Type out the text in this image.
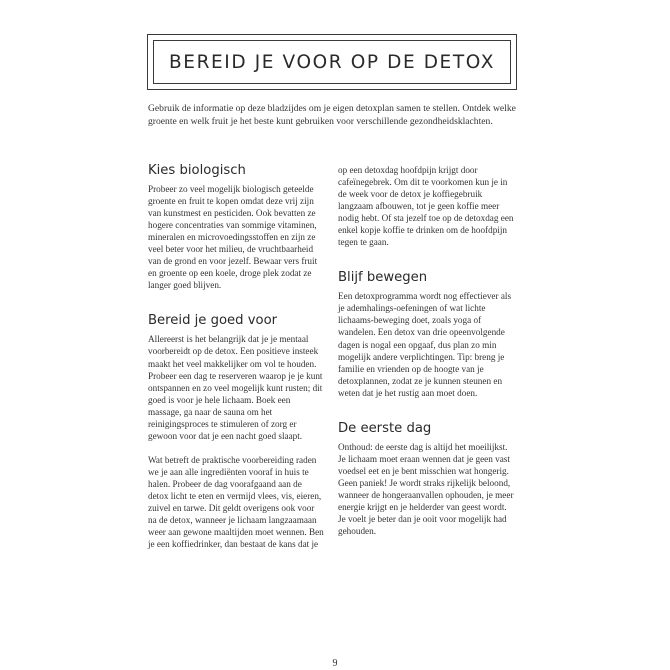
BEREID JE VOOR OP DE DETOX

Gebruik de informatie op deze bladzijdes om je eigen detoxplan samen te stellen. Ontdek welke groente en welk fruit je het beste kunt gebruiken voor verschillende gezondheidsklachten.

Kies biologisch

Probeer zo veel mogelijk biologisch geteelde groente en fruit te kopen omdat deze vrij zijn van kunstmest en pesticiden. Ook bevatten ze hogere concentraties van sommige vitaminen, mineralen en microvoedingsstoffen en zijn ze veel beter voor het milieu, de vruchtbaarheid van de grond en voor jezelf. Bewaar vers fruit en groente op een koele, droge plek zodat ze langer goed blijven.

Bereid je goed voor

Allereerst is het belangrijk dat je je mentaal voorbereidt op de detox. Een positieve insteek maakt het veel makkelijker om vol te houden. Probeer een dag te reserveren waarop je je kunt ontspannen en zo veel mogelijk kunt rusten; dit goed is voor je hele lichaam. Boek een massage, ga naar de sauna om het reinigingsproces te stimuleren of zorg er gewoon voor dat je een nacht goed slaapt.

Wat betreft de praktische voorbereiding raden we je aan alle ingrediënten vooraf in huis te halen. Probeer de dag voorafgaand aan de detox licht te eten en vermijd vlees, vis, eieren, zuivel en tarwe. Dit geldt overigens ook voor na de detox, wanneer je lichaam langzaamaan weer aan gewone maaltijden moet wennen. Ben je een koffiedrinker, dan bestaat de kans dat je

op een detoxdag hoofdpijn krijgt door cafeïnegebrek. Om dit te voorkomen kun je in de week voor de detox je koffiegebruik langzaam afbouwen, tot je geen koffie meer nodig hebt. Of sta jezelf toe op de detoxdag een enkel kopje koffie te drinken om de hoofdpijn tegen te gaan.

Blijf bewegen

Een detoxprogramma wordt nog effectiever als je ademhalings-oefeningen of wat lichte lichaams-beweging doet, zoals yoga of wandelen. Een detox van drie opeenvolgende dagen is nogal een opgaaf, dus plan zo min mogelijk andere verplichtingen. Tip: breng je familie en vrienden op de hoogte van je detoxplannen, zodat ze je kunnen steunen en weten dat je het rustig aan moet doen.

De eerste dag

Onthoud: de eerste dag is altijd het moeilijkst. Je lichaam moet eraan wennen dat je geen vast voedsel eet en je bent misschien wat hongerig. Geen paniek! Je wordt straks rijkelijk beloond, wanneer de hongeraanvallen ophouden, je meer energie krijgt en je helderder van geest wordt. Je voelt je beter dan je ooit voor mogelijk had gehouden.

9
